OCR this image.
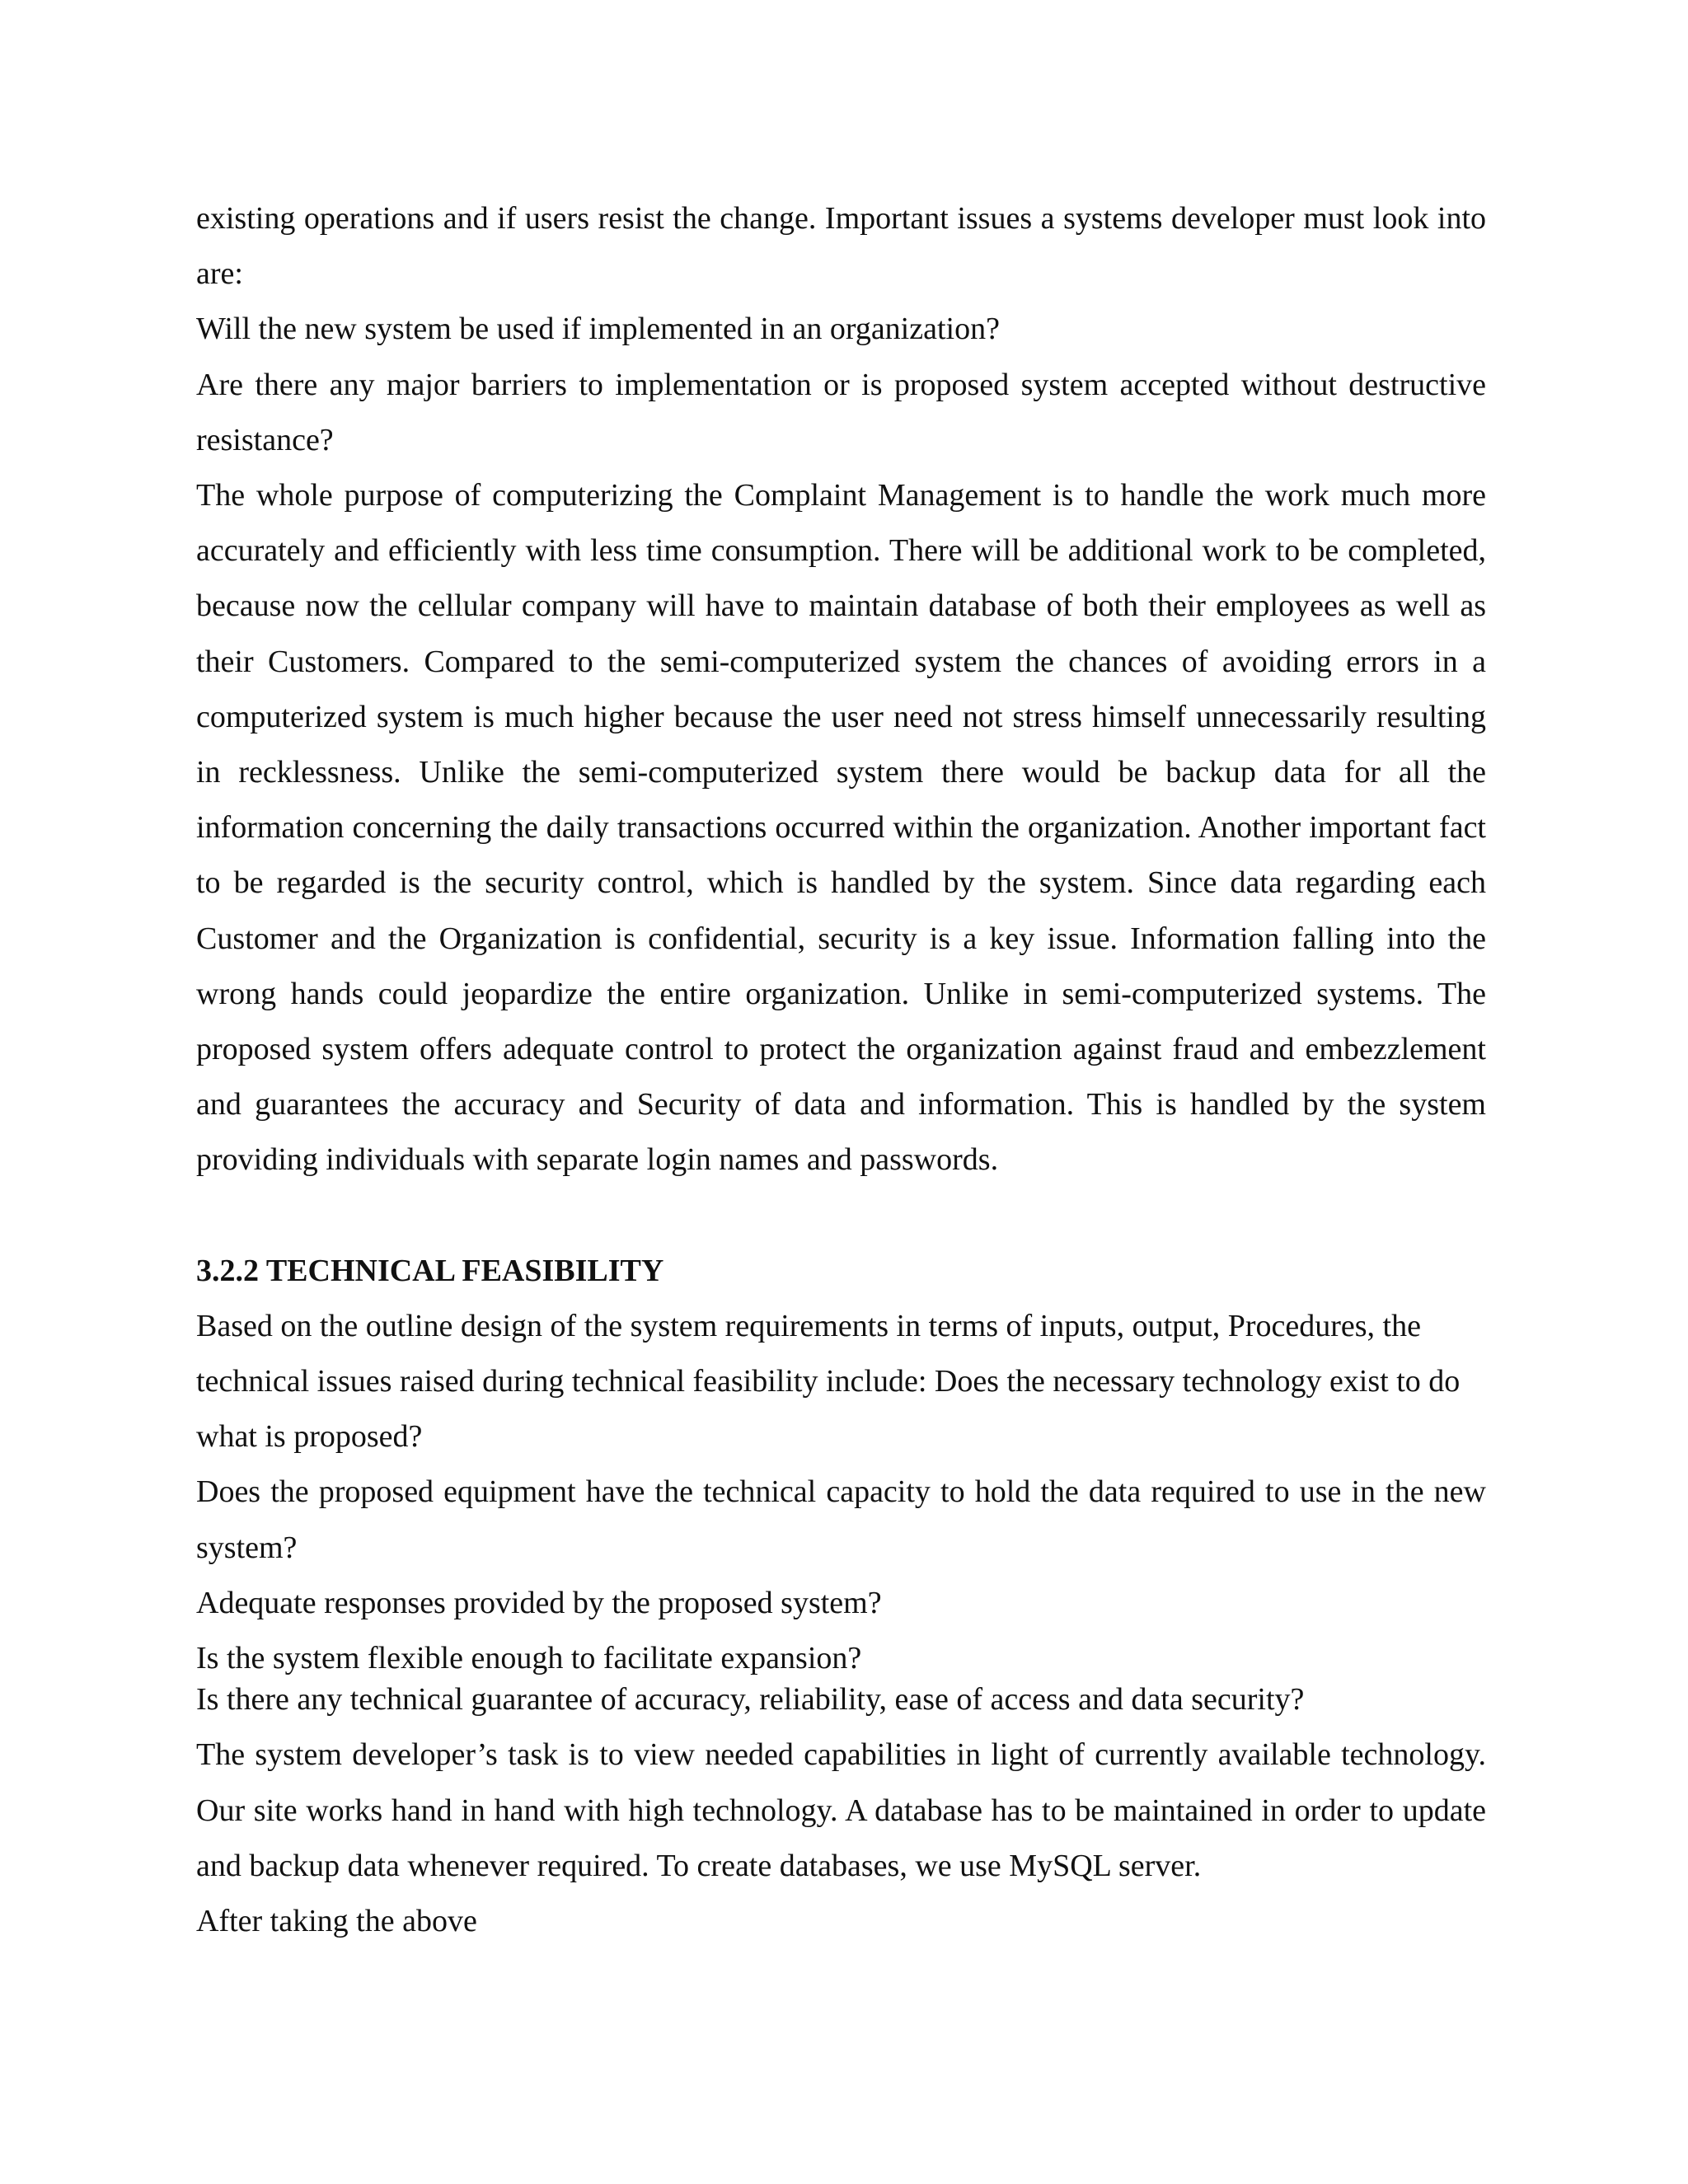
existing operations and if users resist the change. Important issues a systems developer must look into are:

Will the new system be used if implemented in an organization?

Are there any major barriers to implementation or is proposed system accepted without destructive resistance?

The whole purpose of computerizing the Complaint Management is to handle the work much more accurately and efficiently with less time consumption. There will be additional work to be completed, because now the cellular company will have to maintain database of both their employees as well as their Customers. Compared to the semi-computerized system the chances of avoiding errors in a computerized system is much higher because the user need not stress himself unnecessarily resulting in recklessness. Unlike the semi-computerized system there would be backup data for all the information concerning the daily transactions occurred within the organization. Another important fact to be regarded is the security control, which is handled by the system. Since data regarding each Customer and the Organization is confidential, security is a key issue. Information falling into the wrong hands could jeopardize the entire organization. Unlike in semi-computerized systems. The proposed system offers adequate control to protect the organization against fraud and embezzlement and guarantees the accuracy and Security of data and information. This is handled by the system providing individuals with separate login names and passwords.

3.2.2 TECHNICAL FEASIBILITY

Based on the outline design of the system requirements in terms of inputs, output, Procedures, the technical issues raised during technical feasibility include: Does the necessary technology exist to do what is proposed?

Does the proposed equipment have the technical capacity to hold the data required to use in the new system?

Adequate responses provided by the proposed system?

Is the system flexible enough to facilitate expansion?

Is there any technical guarantee of accuracy, reliability, ease of access and data security?

The system developer’s task is to view needed capabilities in light of currently available technology. Our site works hand in hand with high technology. A database has to be maintained in order to update and backup data whenever required. To create databases, we use MySQL server.

After taking the above
